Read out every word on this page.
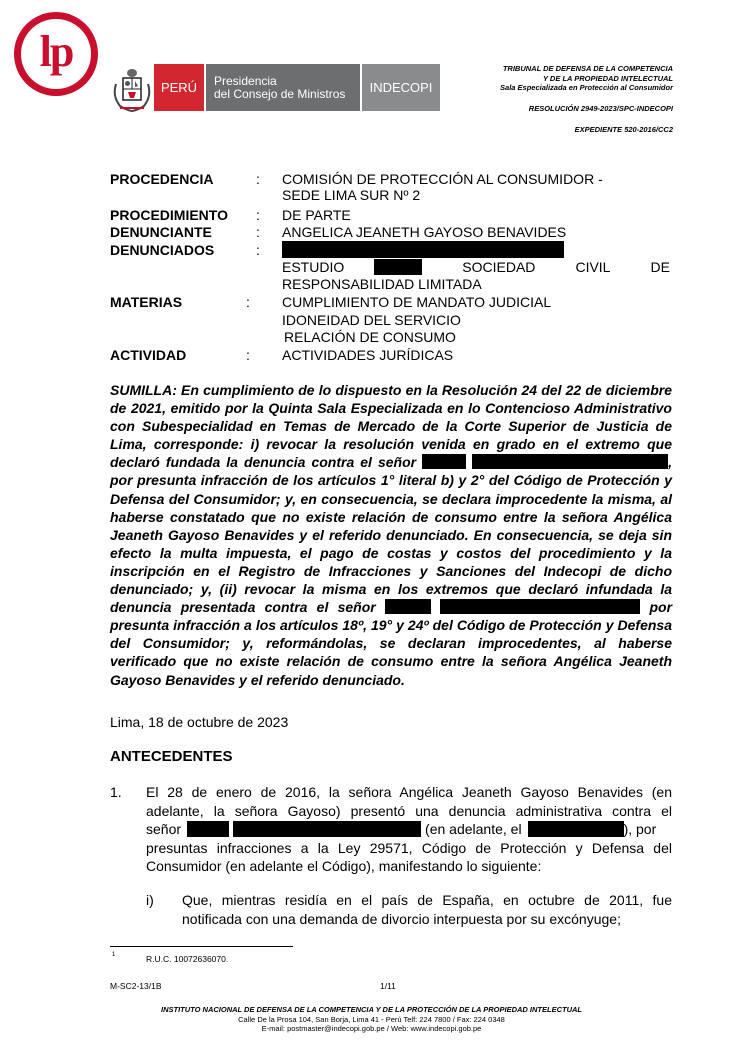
lp
PERÚ	Presidencia
del Consejo de Ministros	INDECOPI
TRIBUNAL DE DEFENSA DE LA COMPETENCIA
Y DE LA PROPIEDAD INTELECTUAL
Sala Especializada en Protección al Consumidor
RESOLUCIÓN 2949-2023/SPC-INDECOPI
EXPEDIENTE 520-2016/CC2
PROCEDENCIA	: COMISIÓN DE PROTECCIÓN AL CONSUMIDOR -
SEDE LIMA SUR Nº 2
PROCEDIMIENTO : DE PARTE
DENUNCIANTE	: ANGELICA JEANETH GAYOSO BENAVIDES
DENUNCIADOS	:
ESTUDIO	SOCIEDAD	CIVIL	DE
RESPONSABILIDAD LIMITADA
MATERIAS	: CUMPLIMIENTO DE MANDATO JUDICIAL
IDONEIDAD DEL SERVICIO
RELACIÓN DE CONSUMO
ACTIVIDAD	: ACTIVIDADES JURÍDICAS

SUMILLA: En cumplimiento de lo dispuesto en la Resolución 24 del 22 de diciembre de 2021, emitido por la Quinta Sala Especializada en lo Contencioso Administrativo con Subespecialidad en Temas de Mercado de la Corte Superior de Justicia de Lima, corresponde: i) revocar la resolución venida en grado en el extremo que declaró fundada la denuncia contra el señor	, por presunta infracción de los artículos 1° literal b) y 2° del Código de Protección y Defensa del Consumidor; y, en consecuencia, se declara improcedente la misma, al haberse constatado que no existe relación de consumo entre la señora Angélica Jeaneth Gayoso Benavides y el referido denunciado. En consecuencia, se deja sin efecto la multa impuesta, el pago de costas y costos del procedimiento y la inscripción en el Registro de Infracciones y Sanciones del Indecopi de dicho denunciado; y, (ii) revocar la misma en los extremos que declaró infundada la denuncia presentada contra el señor	por presunta infracción a los artículos 18º, 19° y 24º del Código de Protección y Defensa del Consumidor; y, reformándolas, se declaran improcedentes, al haberse verificado que no existe relación de consumo entre la señora Angélica Jeaneth Gayoso Benavides y el referido denunciado.

Lima, 18 de octubre de 2023
ANTECEDENTES
1. El 28 de enero de 2016, la señora Angélica Jeaneth Gayoso Benavides (en
adelante, la señora Gayoso) presentó una denuncia administrativa contra el
señor	(en adelante, el	), por
presuntas infracciones a la Ley 29571, Código de Protección y Defensa del
Consumidor (en adelante el Código), manifestando lo siguiente:
i) Que, mientras residía en el país de España, en octubre de 2011, fue
notificada con una demanda de divorcio interpuesta por su excónyuge;
1	R.U.C. 10072636070.
M-SC2-13/1B	1/11
INSTITUTO NACIONAL DE DEFENSA DE LA COMPETENCIA Y DE LA PROTECCIÓN DE LA PROPIEDAD INTELECTUAL
Calle De la Prosa 104, San Borja, Lima 41 - Perú Telf: 224 7800 / Fax: 224 0348
E-mail: postmaster@indecopi.gob.pe / Web: www.indecopi.gob.pe
